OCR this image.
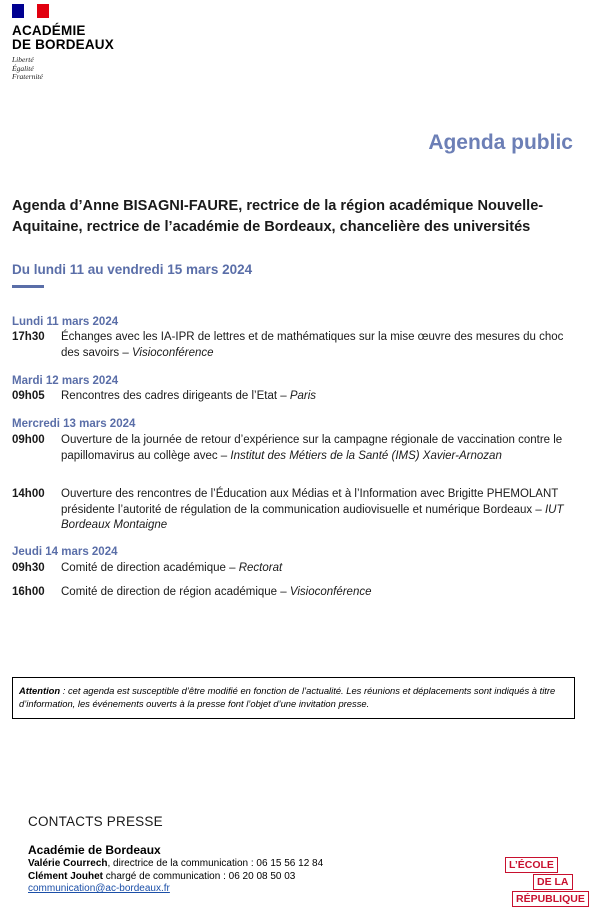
ACADÉMIE
DE BORDEAUX
Liberté
Égalité
Fraternité
Agenda public
Agenda d’Anne BISAGNI-FAURE, rectrice de la région académique Nouvelle-Aquitaine, rectrice de l’académie de Bordeaux, chancelière des universités
Du lundi 11 au vendredi 15 mars 2024
Lundi 11 mars 2024
17h30 Échanges avec les IA-IPR de lettres et de mathématiques sur la mise œuvre des mesures du choc des savoirs – Visioconférence
Mardi 12 mars 2024
09h05 Rencontres des cadres dirigeants de l’Etat – Paris
Mercredi 13 mars 2024
09h00 Ouverture de la journée de retour d’expérience sur la campagne régionale de vaccination contre le papillomavirus au collège avec – Institut des Métiers de la Santé (IMS) Xavier-Arnozan
14h00 Ouverture des rencontres de l’Éducation aux Médias et à l’Information avec Brigitte PHEMOLANT présidente l’autorité de régulation de la communication audiovisuelle et numérique Bordeaux – IUT Bordeaux Montaigne
Jeudi 14 mars 2024
09h30 Comité de direction académique – Rectorat
16h00 Comité de direction de région académique – Visioconférence
Attention : cet agenda est susceptible d’être modifié en fonction de l’actualité. Les réunions et déplacements sont indiqués à titre d’information, les événements ouverts à la presse font l’objet d’une invitation presse.
CONTACTS PRESSE
Académie de Bordeaux
Valérie Courrech, directrice de la communication : 06 15 56 12 84
Clément Jouhet chargé de communication : 06 20 08 50 03
communication@ac-bordeaux.fr
L’ÉCOLE
DE LA
RÉPUBLIQUE
